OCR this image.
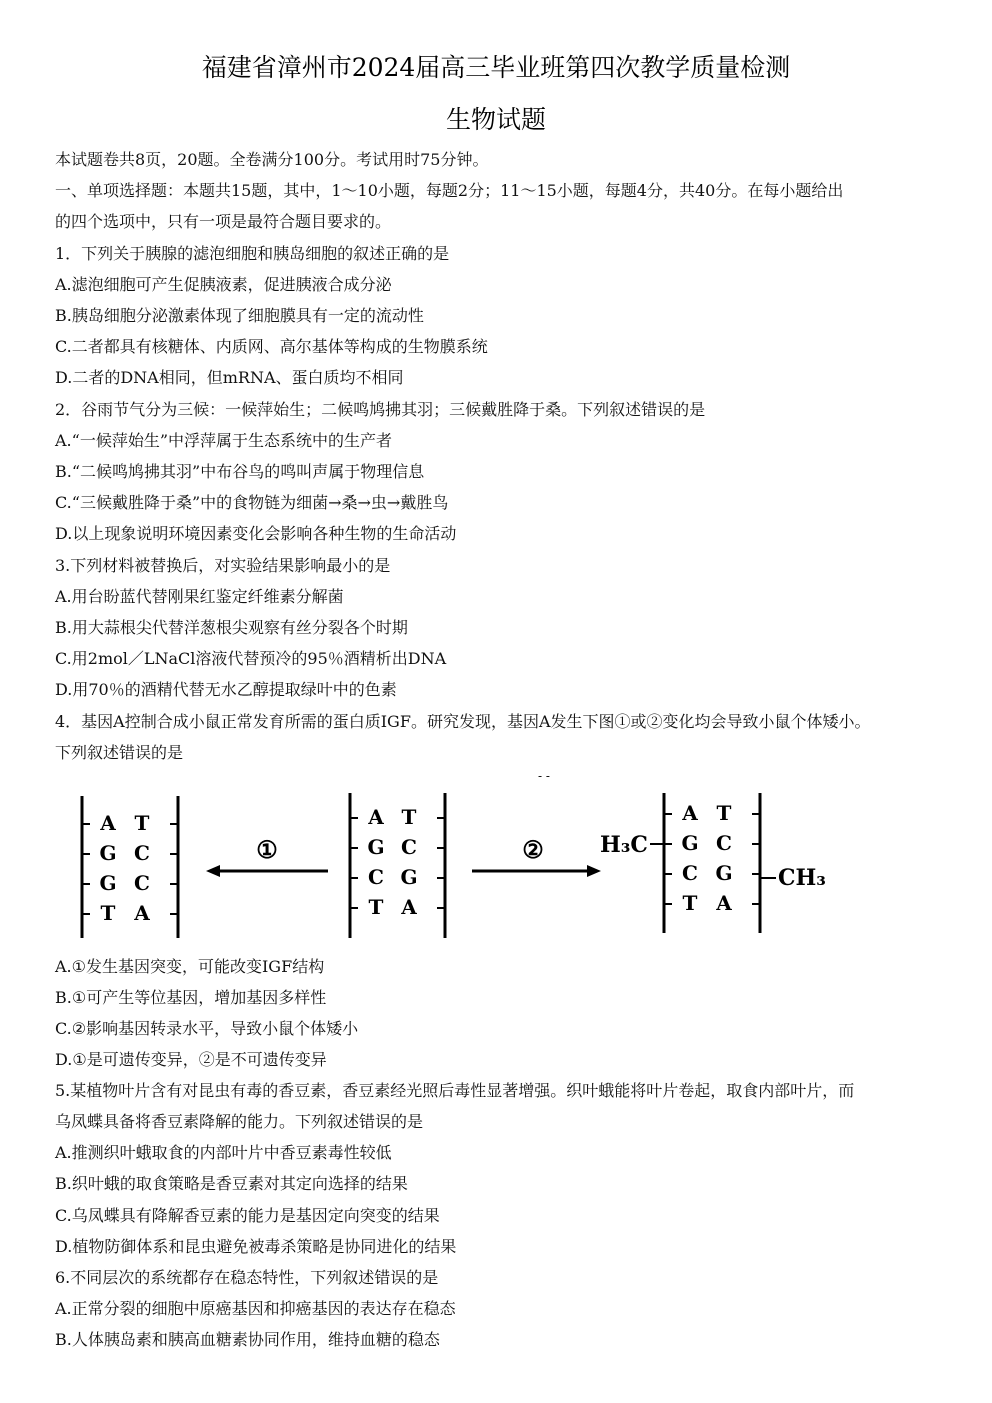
福建省漳州市2024届高三毕业班第四次教学质量检测
生物试题
本试题卷共8页，20题。全卷满分100分。考试用时75分钟。
一、单项选择题：本题共15题，其中，1～10小题，每题2分；11～15小题，每题4分，共40分。在每小题给出
的四个选项中，只有一项是最符合题目要求的。
1．下列关于胰腺的滤泡细胞和胰岛细胞的叙述正确的是
A.滤泡细胞可产生促胰液素，促进胰液合成分泌
B.胰岛细胞分泌激素体现了细胞膜具有一定的流动性
C.二者都具有核糖体、内质网、高尔基体等构成的生物膜系统
D.二者的DNA相同，但mRNA、蛋白质均不相同
2．谷雨节气分为三候：一候萍始生；二候鸣鸠拂其羽；三候戴胜降于桑。下列叙述错误的是
A.“一候萍始生”中浮萍属于生态系统中的生产者
B.“二候鸣鸠拂其羽”中布谷鸟的鸣叫声属于物理信息
C.“三候戴胜降于桑”中的食物链为细菌→桑→虫→戴胜鸟
D.以上现象说明环境因素变化会影响各种生物的生命活动
3.下列材料被替换后，对实验结果影响最小的是
A.用台盼蓝代替刚果红鉴定纤维素分解菌
B.用大蒜根尖代替洋葱根尖观察有丝分裂各个时期
C.用2mol／LNaCl溶液代替预冷的95％酒精析出DNA
D.用70％的酒精代替无水乙醇提取绿叶中的色素
4．基因A控制合成小鼠正常发育所需的蛋白质IGF。研究发现，基因A发生下图①或②变化均会导致小鼠个体矮小。
下列叙述错误的是
A T
G C
G C
T A
①
A T
G C
C G
T A
②
A T
G C
C G
T A
H₃C
CH₃
- -
A.①发生基因突变，可能改变IGF结构
B.①可产生等位基因，增加基因多样性
C.②影响基因转录水平，导致小鼠个体矮小
D.①是可遗传变异，②是不可遗传变异
5.某植物叶片含有对昆虫有毒的香豆素，香豆素经光照后毒性显著增强。织叶蛾能将叶片卷起，取食内部叶片，而
乌凤蝶具备将香豆素降解的能力。下列叙述错误的是
A.推测织叶蛾取食的内部叶片中香豆素毒性较低
B.织叶蛾的取食策略是香豆素对其定向选择的结果
C.乌凤蝶具有降解香豆素的能力是基因定向突变的结果
D.植物防御体系和昆虫避免被毒杀策略是协同进化的结果
6.不同层次的系统都存在稳态特性，下列叙述错误的是
A.正常分裂的细胞中原癌基因和抑癌基因的表达存在稳态
B.人体胰岛素和胰高血糖素协同作用，维持血糖的稳态
